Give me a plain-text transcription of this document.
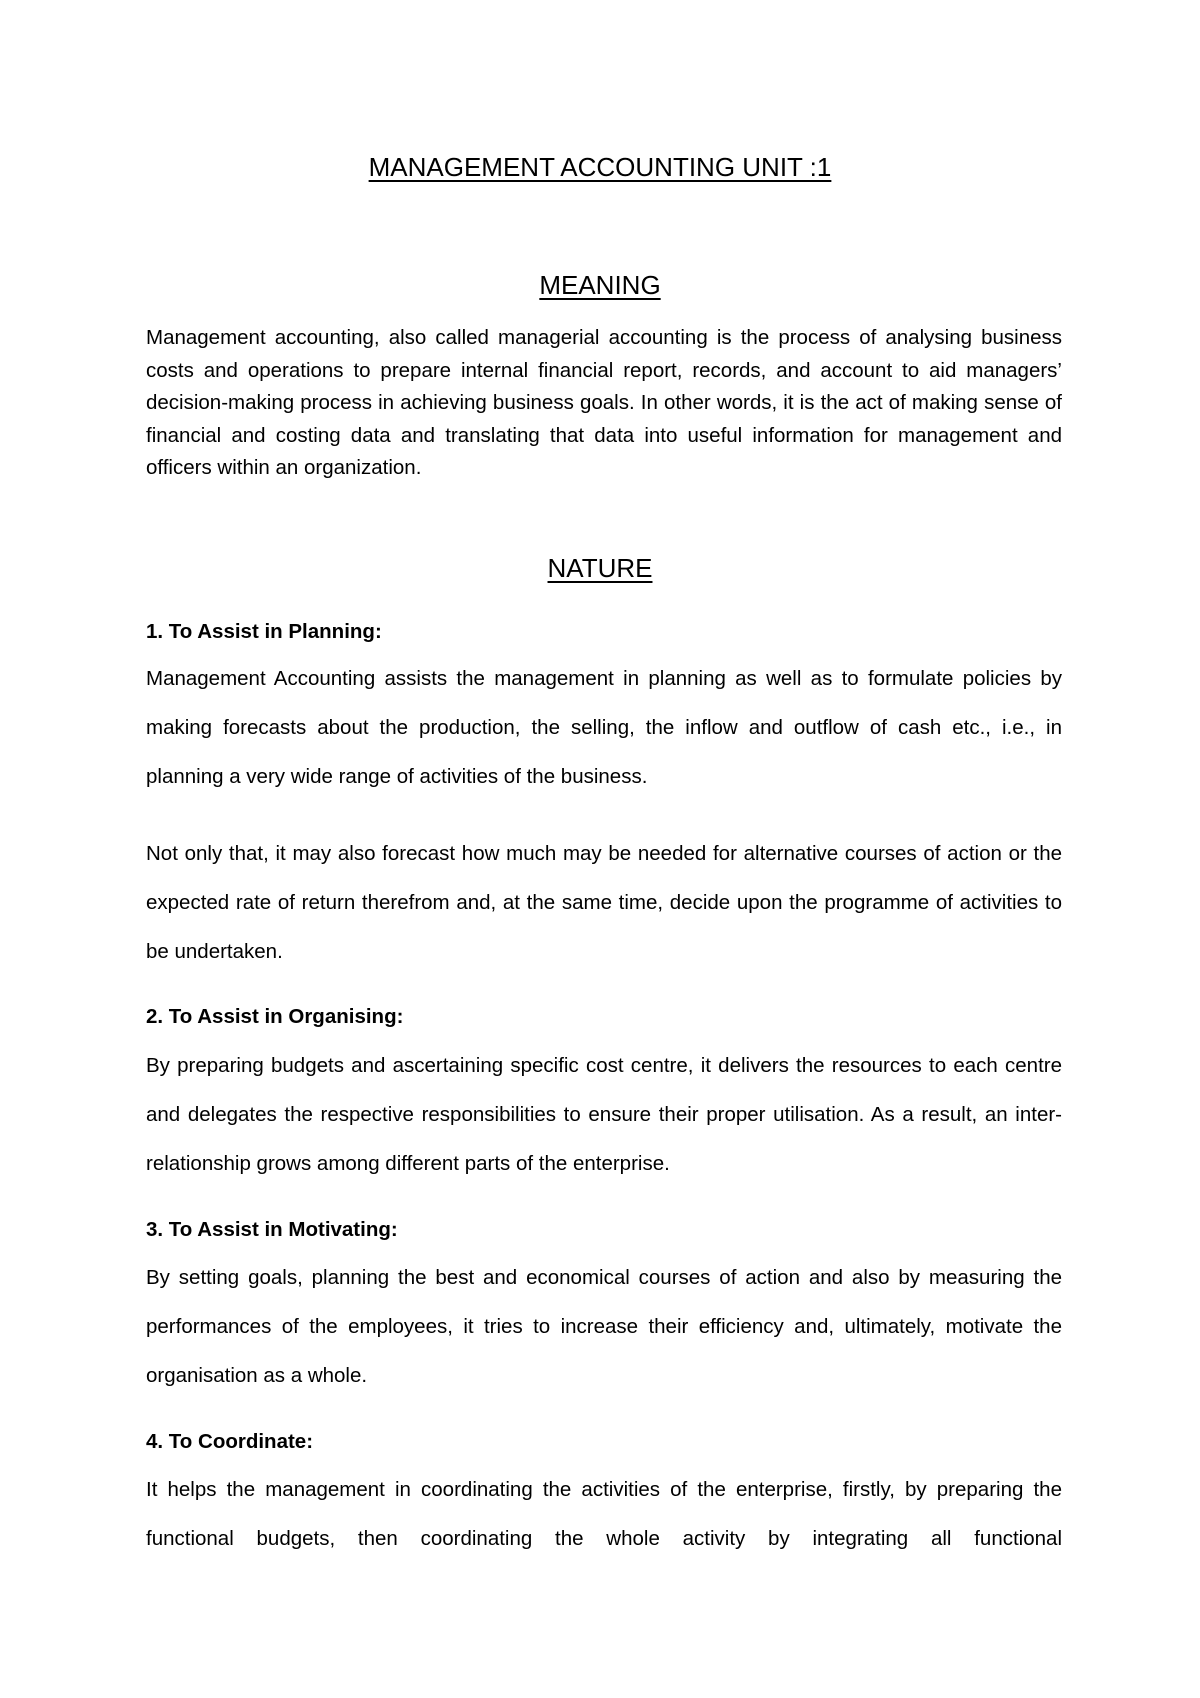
MANAGEMENT ACCOUNTING UNIT :1
MEANING

Management accounting, also called managerial accounting is the process of analysing business costs and operations to prepare internal financial report, records, and account to aid managers’ decision-making process in achieving business goals. In other words, it is the act of making sense of financial and costing data and translating that data into useful information for management and officers within an organization.

NATURE

1. To Assist in Planning:

Management Accounting assists the management in planning as well as to formulate policies by making forecasts about the production, the selling, the inflow and outflow of cash etc., i.e., in planning a very wide range of activities of the business.

Not only that, it may also forecast how much may be needed for alternative courses of action or the expected rate of return therefrom and, at the same time, decide upon the programme of activities to be undertaken.

2. To Assist in Organising:

By preparing budgets and ascertaining specific cost centre, it delivers the resources to each centre and delegates the respective responsibilities to ensure their proper utilisation. As a result, an inter-relationship grows among different parts of the enterprise.

3. To Assist in Motivating:

By setting goals, planning the best and economical courses of action and also by measuring the performances of the employees, it tries to increase their efficiency and, ultimately, motivate the organisation as a whole.

4. To Coordinate:

It helps the management in coordinating the activities of the enterprise, firstly, by preparing the functional budgets, then coordinating the whole activity by integrating all functional
